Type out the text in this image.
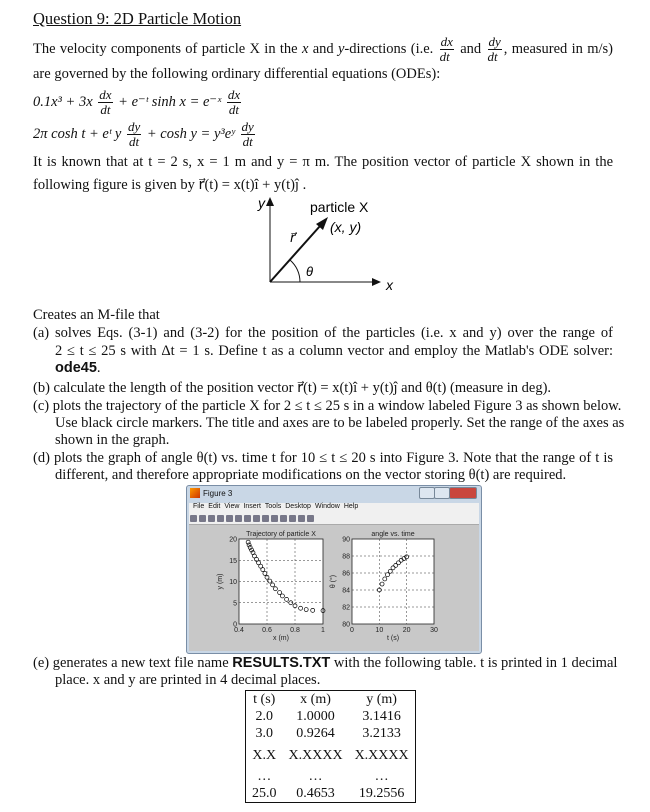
Question 9: 2D Particle Motion
The velocity components of particle X in the x and y-directions (i.e. $\frac{dx}{dt}$ and $\frac{dy}{dt}$ , measured in m/s)
are governed by the following ordinary differential equations (ODEs):
$0.1x^3 + 3x \frac{dx}{dt}$ + e⁻ᵗ sinh x = e⁻ˣ $\frac{dx}{dt}$
2π cosh t + eᵗ y $\frac{dy}{dt} + \cosh y$ = y³eʸ $\frac{dy}{dt}$
It is known that at t = 2 s, x = 1 m and y = π m. The position vector of particle X shown in the
following figure is given by r⃗(t) = x(t)î + y(t)ĵ .
y
x
particle X
(x, y)
r⃗
θ
Creates an M-file that
(a) solves Eqs. (3-1) and (3-2) for the position of the particles (i.e. x and y) over the range of
2 ≤ t ≤ 25 s with Δt = 1 s. Define t as a column vector and employ the Matlab's ODE solver:
ode45.
(b) calculate the length of the position vector r⃗(t) = x(t)î + y(t)ĵ and θ(t) (measure in deg).
(c) plots the trajectory of the particle X for 2 ≤ t ≤ 25 s in a window labeled Figure 3 as shown below.
Use black circle markers. The title and axes are to be labeled properly. Set the range of the axes as
shown in the graph.
(d) plots the graph of angle θ(t) vs. time t for 10 ≤ t ≤ 20 s into Figure 3. Note that the range of t is
different, and therefore appropriate modifications on the vector storing θ(t) are required.
Figure 3
File Edit View Insert Tools Desktop Window Help
0.4	0.6	0.8	1
0
5
10
15
20
Trajectory of particle X
x (m)
y (m)
0	10	20	30
80
82
84
86
88
90
angle vs. time
t (s)
θ (°)
(e) generates a new text file name RESULTS.TXT with the following table. t is printed in 1 decimal
place. x and y are printed in 4 decimal places.
t (s)	x (m)	y (m)
2.0	1.0000	3.1416
3.0	0.9264	3.2133
X.X	X.XXXX	X.XXXX
…	…	…
25.0	0.4653	19.2556
